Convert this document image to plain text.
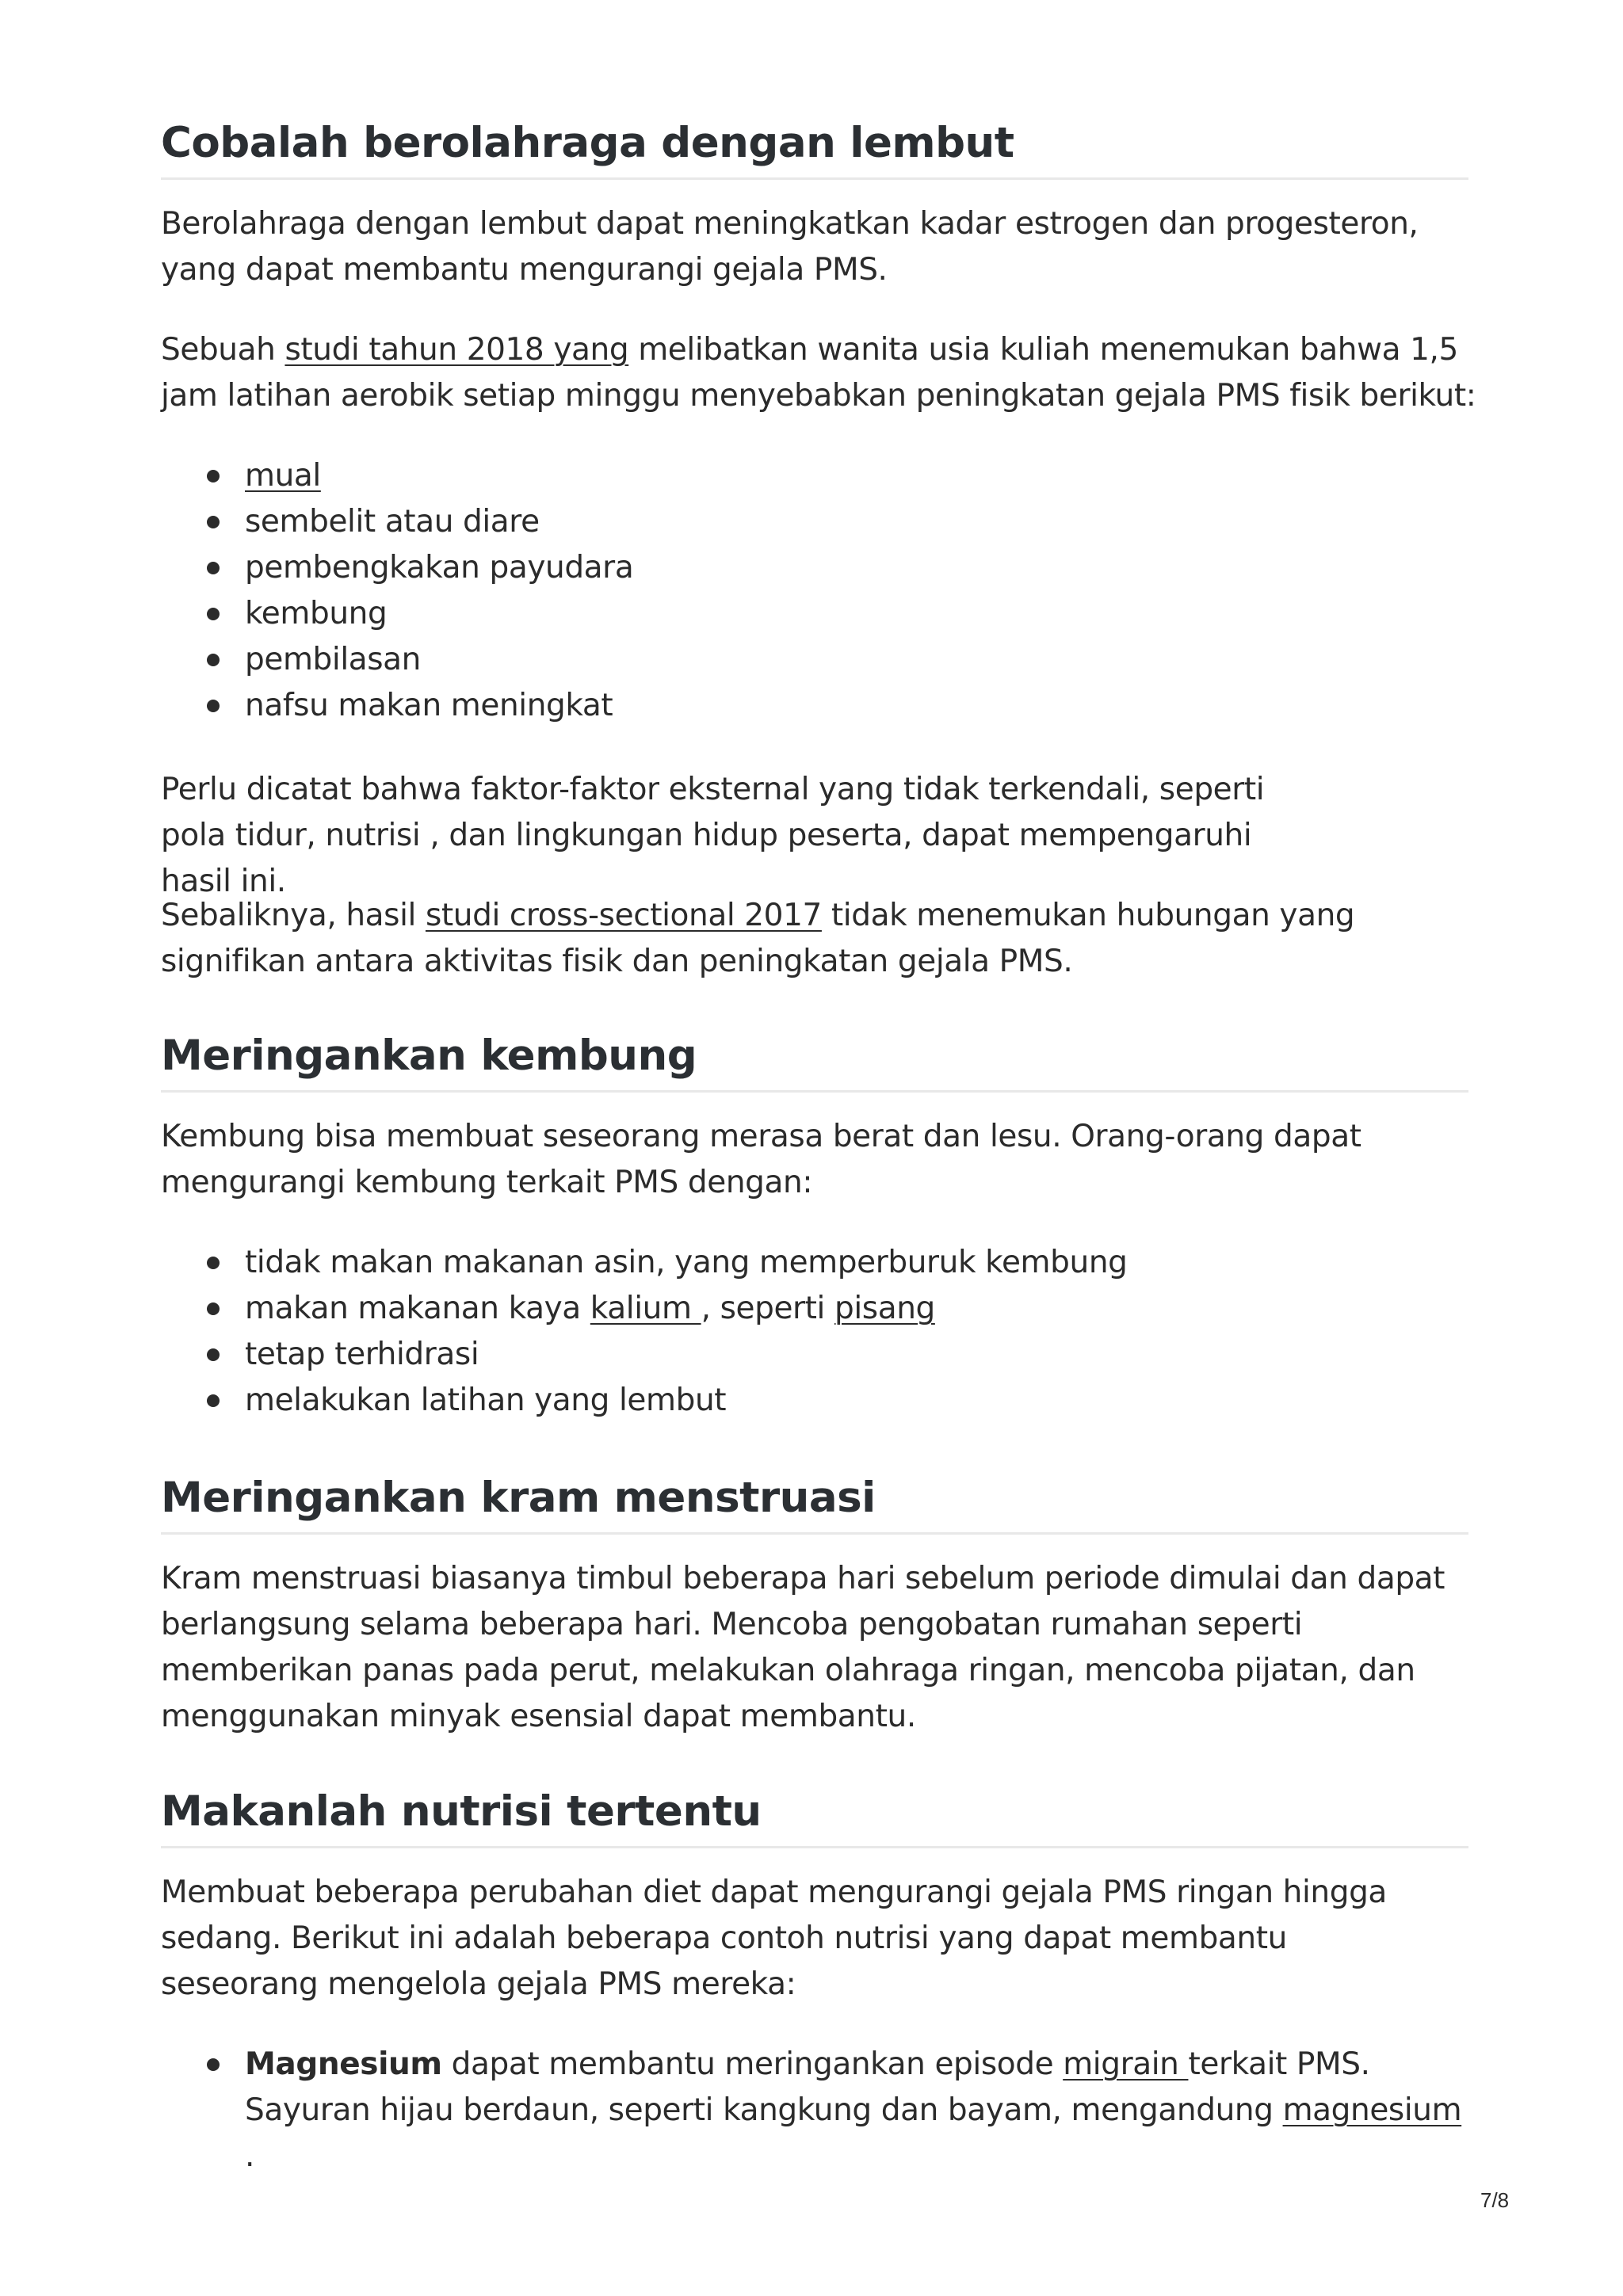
Cobalah berolahraga dengan lembut

Berolahraga dengan lembut dapat meningkatkan kadar estrogen dan progesteron, yang dapat membantu mengurangi gejala PMS.

Sebuah studi tahun 2018 yang melibatkan wanita usia kuliah menemukan bahwa 1,5 jam latihan aerobik setiap minggu menyebabkan peningkatan gejala PMS fisik berikut:

mual
sembelit atau diare
pembengkakan payudara
kembung
pembilasan
nafsu makan meningkat

Perlu dicatat bahwa faktor-faktor eksternal yang tidak terkendali, seperti pola tidur, nutrisi , dan lingkungan hidup peserta, dapat mempengaruhi hasil ini.

Sebaliknya, hasil studi cross-sectional 2017 tidak menemukan hubungan yang signifikan antara aktivitas fisik dan peningkatan gejala PMS.

Meringankan kembung

Kembung bisa membuat seseorang merasa berat dan lesu. Orang-orang dapat mengurangi kembung terkait PMS dengan:

tidak makan makanan asin, yang memperburuk kembung
makan makanan kaya kalium , seperti pisang
tetap terhidrasi
melakukan latihan yang lembut
Meringankan kram menstruasi

Kram menstruasi biasanya timbul beberapa hari sebelum periode dimulai dan dapat berlangsung selama beberapa hari. Mencoba pengobatan rumahan seperti memberikan panas pada perut, melakukan olahraga ringan, mencoba pijatan, dan menggunakan minyak esensial dapat membantu.

Makanlah nutrisi tertentu

Membuat beberapa perubahan diet dapat mengurangi gejala PMS ringan hingga sedang. Berikut ini adalah beberapa contoh nutrisi yang dapat membantu seseorang mengelola gejala PMS mereka:

Magnesium dapat membantu meringankan episode migrain terkait PMS. Sayuran hijau berdaun, seperti kangkung dan bayam, mengandung magnesium .
7/8
